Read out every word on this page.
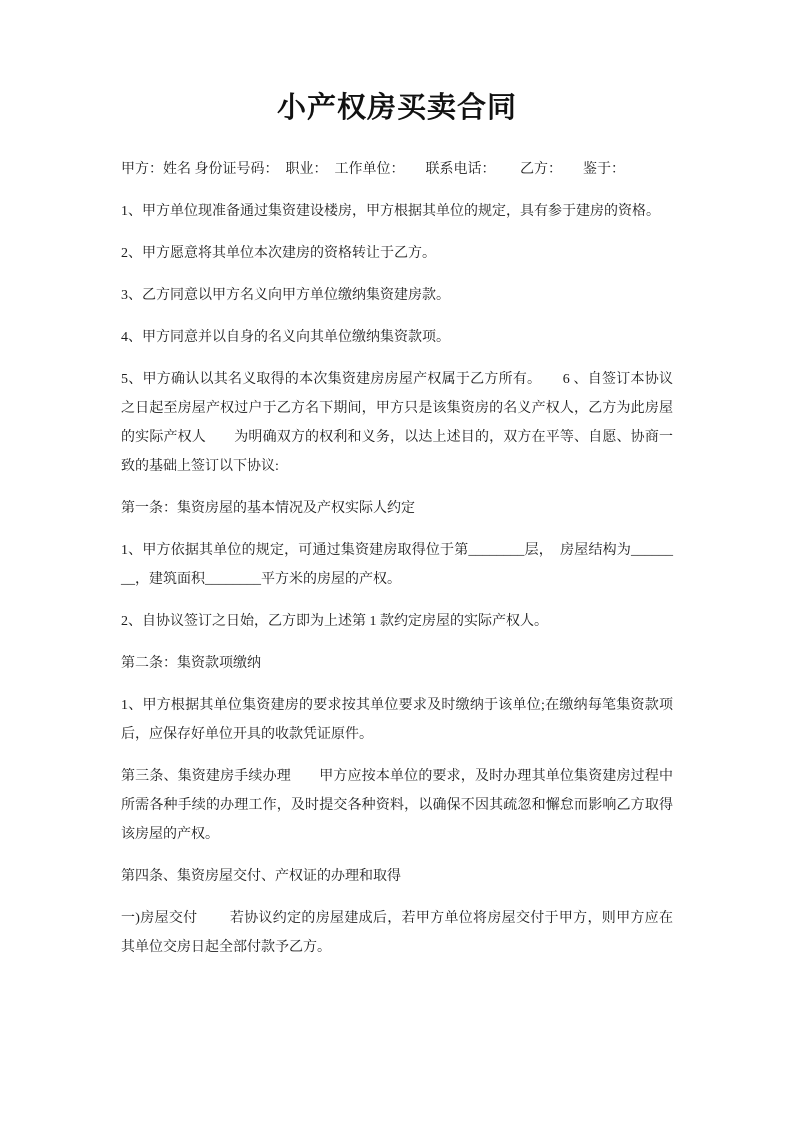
小产权房买卖合同

甲方：姓名 身份证号码：　职业：　工作单位：　　联系电话：　　 乙方：　　鉴于：

1、甲方单位现准备通过集资建设楼房，甲方根据其单位的规定，具有参于建房的资格。

2、甲方愿意将其单位本次建房的资格转让于乙方。

3、乙方同意以甲方名义向甲方单位缴纳集资建房款。

4、甲方同意并以自身的名义向其单位缴纳集资款项。

5、甲方确认以其名义取得的本次集资建房房屋产权属于乙方所有。　　6 、自签订本协议之日起至房屋产权过户于乙方名下期间，甲方只是该集资房的名义产权人，乙方为此房屋的实际产权人　　为明确双方的权利和义务，以达上述目的，双方在平等、自愿、协商一致的基础上签订以下协议:

第一条：集资房屋的基本情况及产权实际人约定

1、甲方依据其单位的规定，可通过集资建房取得位于第________层，　房屋结构为________，建筑面积________平方米的房屋的产权。

2、自协议签订之日始，乙方即为上述第 1 款约定房屋的实际产权人。

第二条：集资款项缴纳

1、甲方根据其单位集资建房的要求按其单位要求及时缴纳于该单位;在缴纳每笔集资款项后，应保存好单位开具的收款凭证原件。

第三条、集资建房手续办理　　甲方应按本单位的要求，及时办理其单位集资建房过程中所需各种手续的办理工作，及时提交各种资料，以确保不因其疏忽和懈怠而影响乙方取得该房屋的产权。

第四条、集资房屋交付、产权证的办理和取得

一)房屋交付　　 若协议约定的房屋建成后，若甲方单位将房屋交付于甲方，则甲方应在其单位交房日起全部付款予乙方。
